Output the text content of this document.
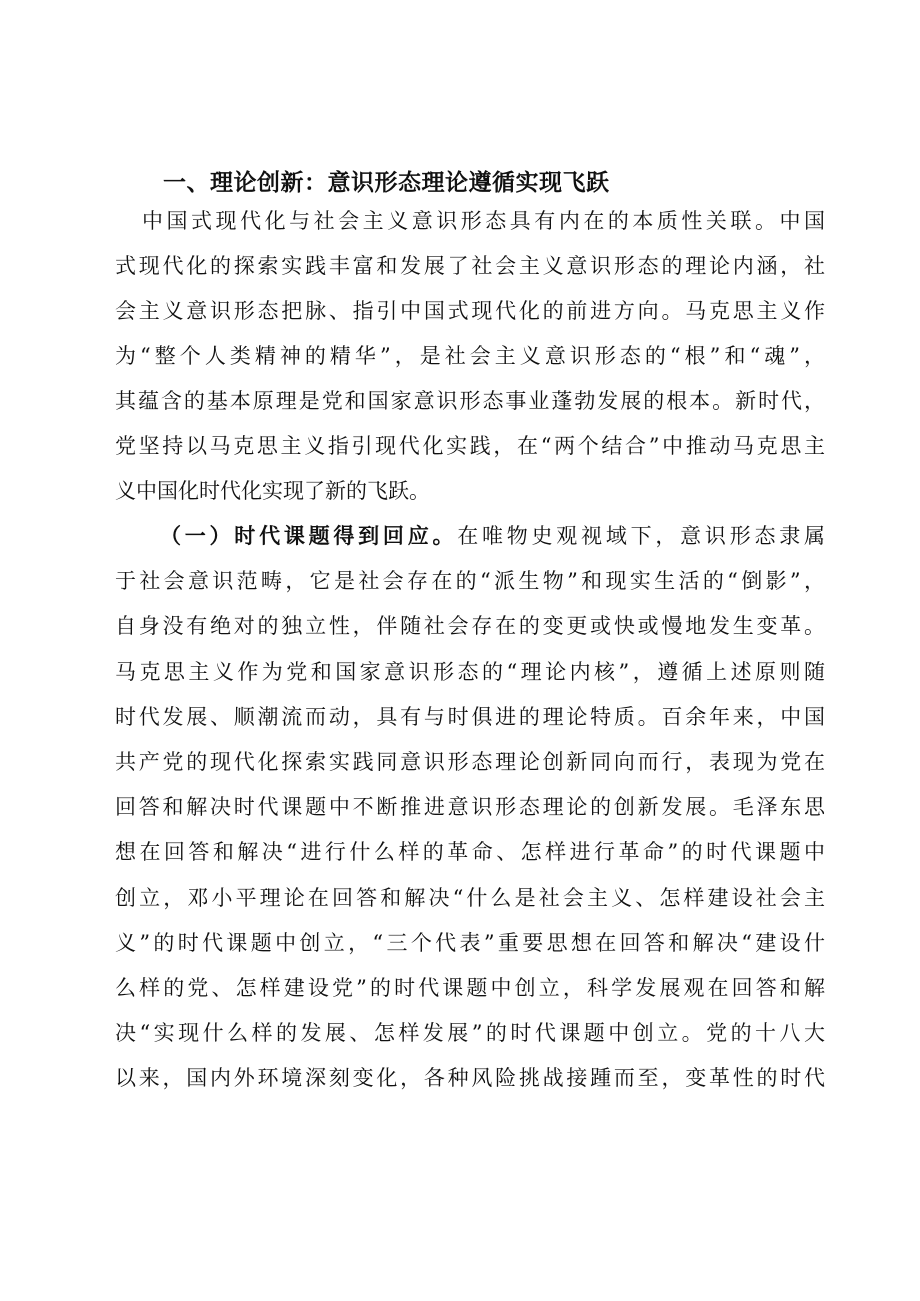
一、理论创新：意识形态理论遵循实现飞跃
中国式现代化与社会主义意识形态具有内在的本质性关联。中国
式现代化的探索实践丰富和发展了社会主义意识形态的理论内涵，社
会主义意识形态把脉、指引中国式现代化的前进方向。马克思主义作
为“整个人类精神的精华”，是社会主义意识形态的“根”和“魂”，
其蕴含的基本原理是党和国家意识形态事业蓬勃发展的根本。新时代，
党坚持以马克思主义指引现代化实践，在“两个结合”中推动马克思主
义中国化时代化实现了新的飞跃。
（一）时代课题得到回应。在唯物史观视域下，意识形态隶属
于社会意识范畴，它是社会存在的“派生物”和现实生活的“倒影”，
自身没有绝对的独立性，伴随社会存在的变更或快或慢地发生变革。
马克思主义作为党和国家意识形态的“理论内核”，遵循上述原则随
时代发展、顺潮流而动，具有与时俱进的理论特质。百余年来，中国
共产党的现代化探索实践同意识形态理论创新同向而行，表现为党在
回答和解决时代课题中不断推进意识形态理论的创新发展。毛泽东思
想在回答和解决“进行什么样的革命、怎样进行革命”的时代课题中
创立，邓小平理论在回答和解决“什么是社会主义、怎样建设社会主
义”的时代课题中创立，“三个代表”重要思想在回答和解决“建设什
么样的党、怎样建设党”的时代课题中创立，科学发展观在回答和解
决“实现什么样的发展、怎样发展”的时代课题中创立。党的十八大
以来，国内外环境深刻变化，各种风险挑战接踵而至，变革性的时代
